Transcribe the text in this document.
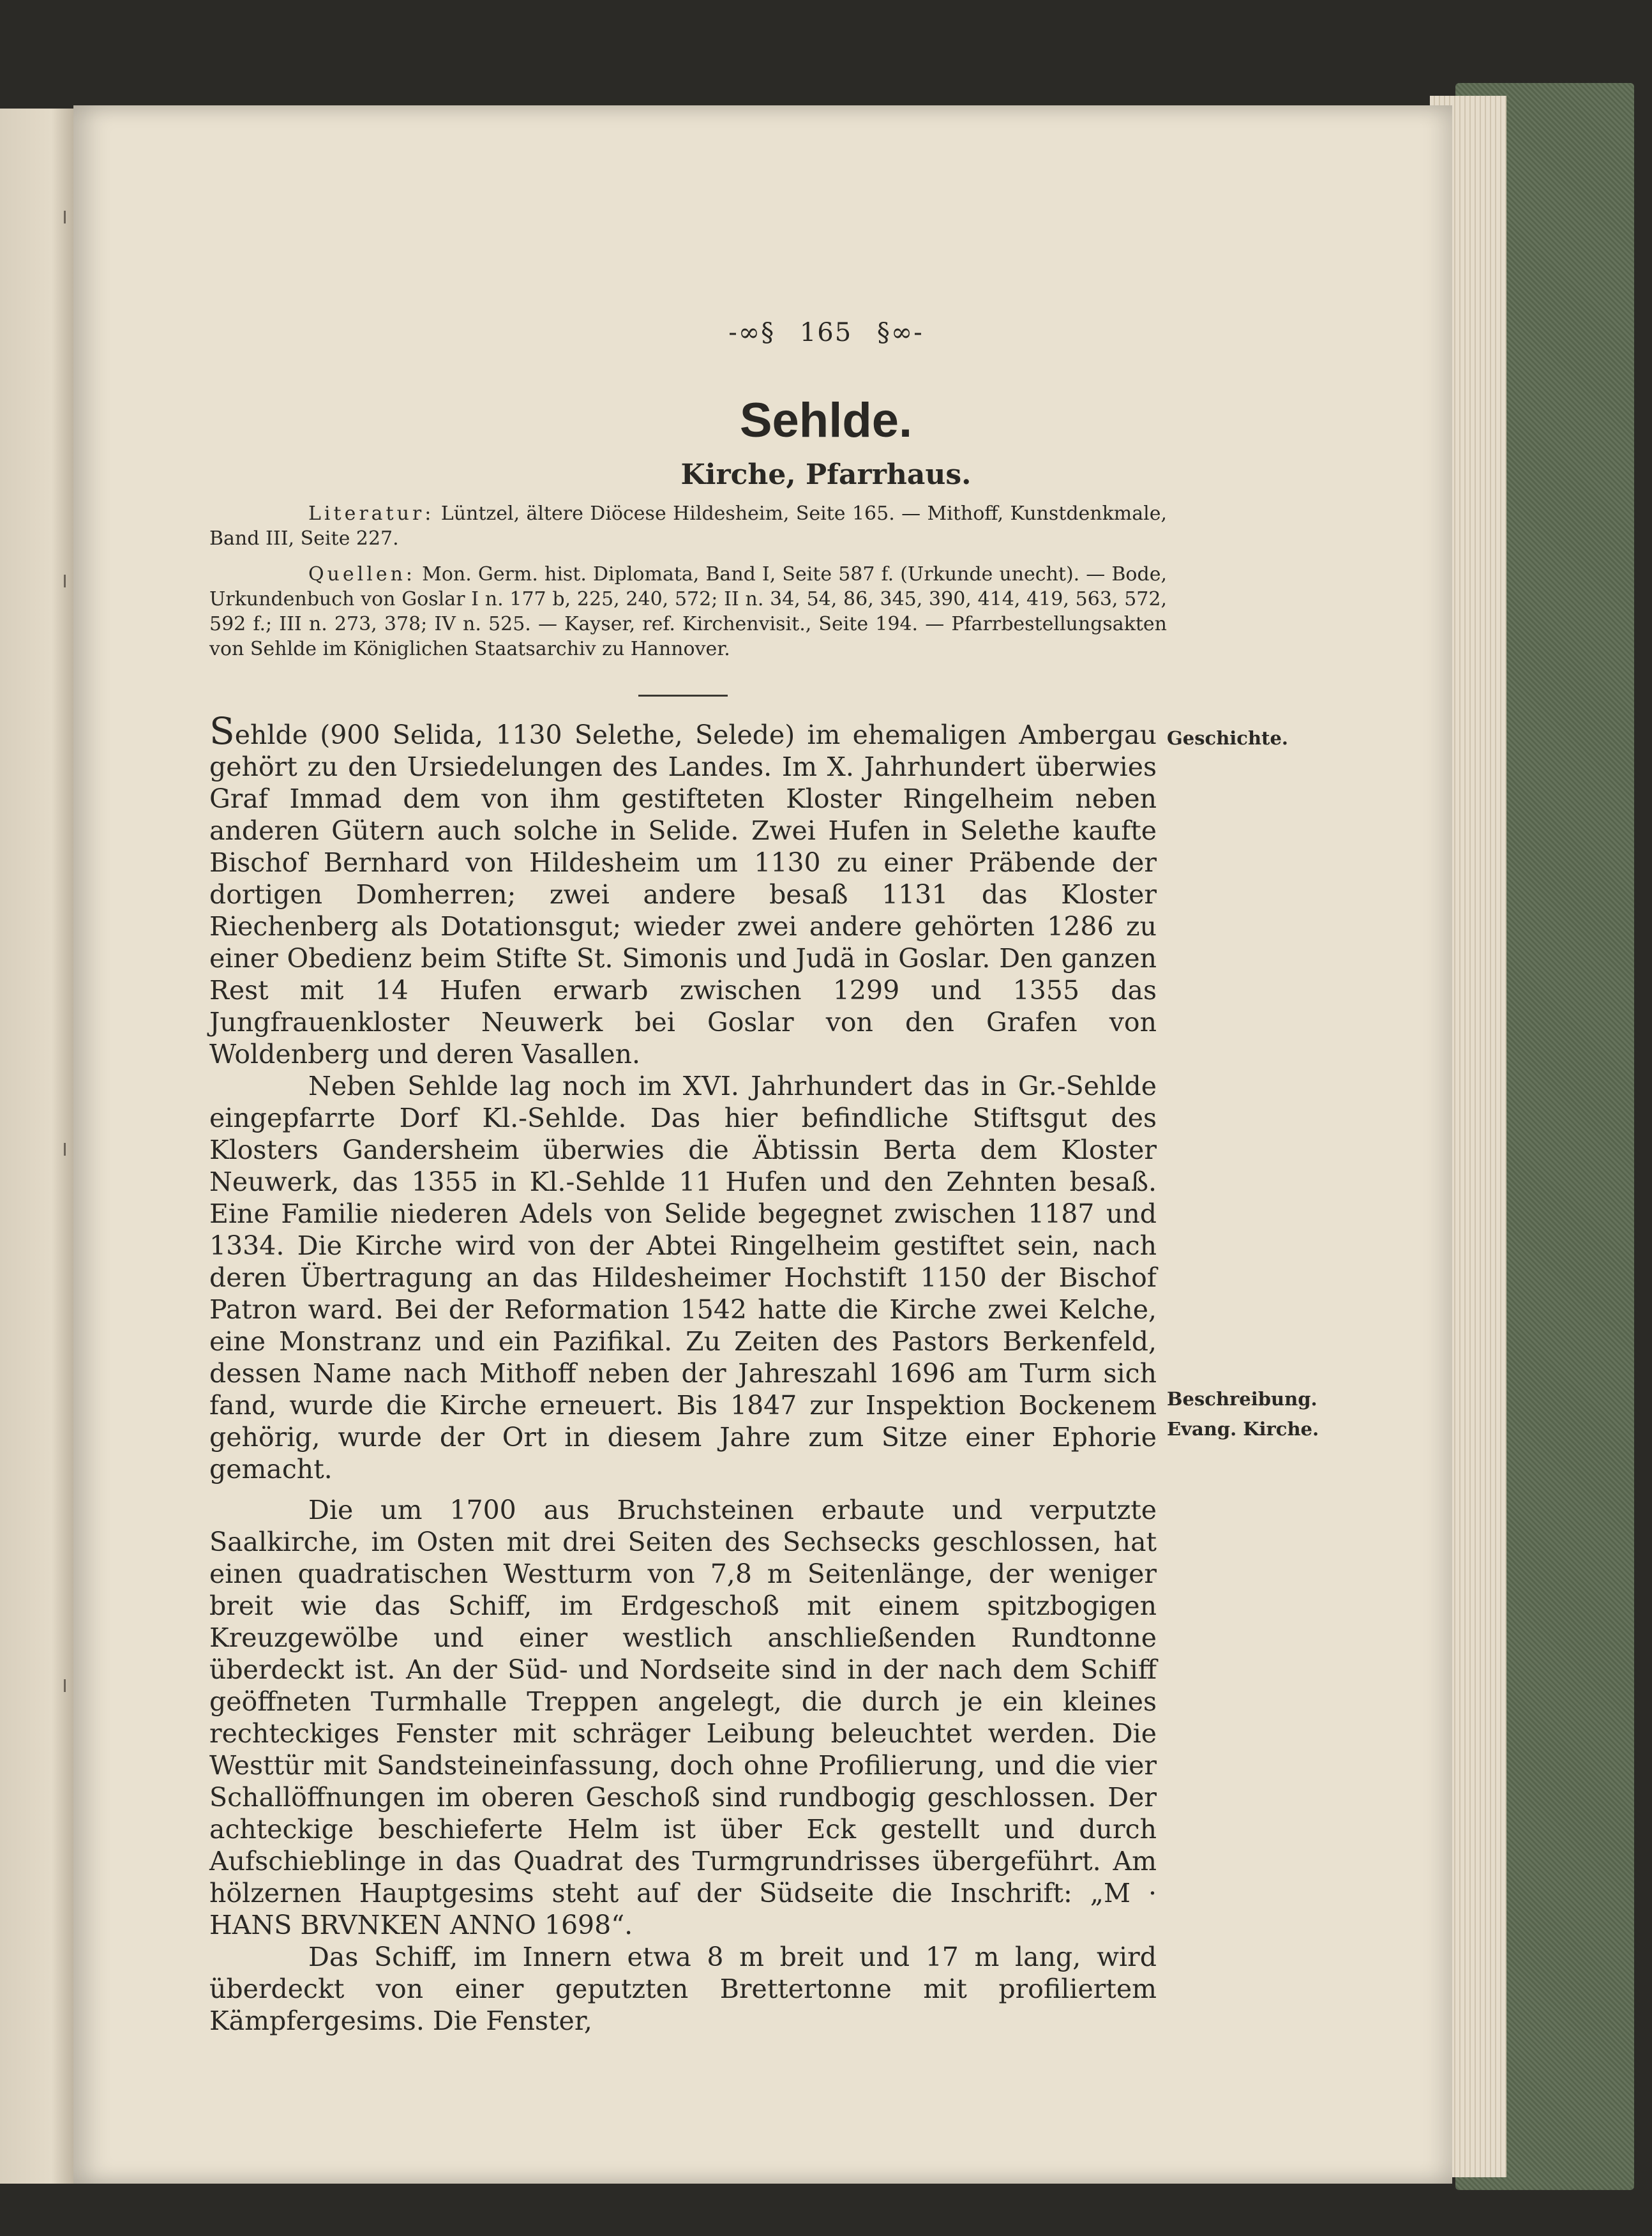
-∞§ 165 §∞-
Sehlde.
Kirche, Pfarrhaus.

Literatur: Lüntzel, ältere Diöcese Hildesheim, Seite 165. — Mithoff, Kunstdenkmale, Band III, Seite 227.

Quellen: Mon. Germ. hist. Diplomata, Band I, Seite 587 f. (Urkunde unecht). — Bode, Urkundenbuch von Goslar I n. 177 b, 225, 240, 572; II n. 34, 54, 86, 345, 390, 414, 419, 563, 572, 592 f.; III n. 273, 378; IV n. 525. — Kayser, ref. Kirchenvisit., Seite 194. — Pfarrbestellungsakten von Sehlde im Königlichen Staatsarchiv zu Hannover.

Sehlde (900 Selida, 1130 Selethe, Selede) im ehemaligen Ambergau gehört zu den Ursiedelungen des Landes. Im X. Jahrhundert überwies Graf Immad dem von ihm gestifteten Kloster Ringelheim neben anderen Gütern auch solche in Selide. Zwei Hufen in Selethe kaufte Bischof Bernhard von Hildesheim um 1130 zu einer Präbende der dortigen Domherren; zwei andere besaß 1131 das Kloster Riechenberg als Dotationsgut; wieder zwei andere gehörten 1286 zu einer Obedienz beim Stifte St. Simonis und Judä in Goslar. Den ganzen Rest mit 14 Hufen erwarb zwischen 1299 und 1355 das Jungfrauenkloster Neuwerk bei Goslar von den Grafen von Woldenberg und deren Vasallen.

Neben Sehlde lag noch im XVI. Jahrhundert das in Gr.-Sehlde eingepfarrte Dorf Kl.-Sehlde. Das hier befindliche Stiftsgut des Klosters Gandersheim überwies die Äbtissin Berta dem Kloster Neuwerk, das 1355 in Kl.-Sehlde 11 Hufen und den Zehnten besaß. Eine Familie niederen Adels von Selide begegnet zwischen 1187 und 1334. Die Kirche wird von der Abtei Ringelheim gestiftet sein, nach deren Übertragung an das Hildesheimer Hochstift 1150 der Bischof Patron ward. Bei der Reformation 1542 hatte die Kirche zwei Kelche, eine Monstranz und ein Pazifikal. Zu Zeiten des Pastors Berkenfeld, dessen Name nach Mithoff neben der Jahreszahl 1696 am Turm sich fand, wurde die Kirche erneuert. Bis 1847 zur Inspektion Bockenem gehörig, wurde der Ort in diesem Jahre zum Sitze einer Ephorie gemacht.

Die um 1700 aus Bruchsteinen erbaute und verputzte Saalkirche, im Osten mit drei Seiten des Sechsecks geschlossen, hat einen quadratischen Westturm von 7,8 m Seitenlänge, der weniger breit wie das Schiff, im Erdgeschoß mit einem spitzbogigen Kreuzgewölbe und einer westlich anschließenden Rundtonne überdeckt ist. An der Süd- und Nordseite sind in der nach dem Schiff geöffneten Turmhalle Treppen angelegt, die durch je ein kleines rechteckiges Fenster mit schräger Leibung beleuchtet werden. Die Westtür mit Sandsteineinfassung, doch ohne Profilierung, und die vier Schallöffnungen im oberen Geschoß sind rundbogig geschlossen. Der achteckige beschieferte Helm ist über Eck gestellt und durch Aufschieblinge in das Quadrat des Turmgrundrisses übergeführt. Am hölzernen Hauptgesims steht auf der Südseite die Inschrift: „M · HANS BRVNKEN ANNO 1698“.

Das Schiff, im Innern etwa 8 m breit und 17 m lang, wird überdeckt von einer geputzten Brettertonne mit profiliertem Kämpfergesims. Die Fenster,

Geschichte.
Beschreibung.
Evang. Kirche.
